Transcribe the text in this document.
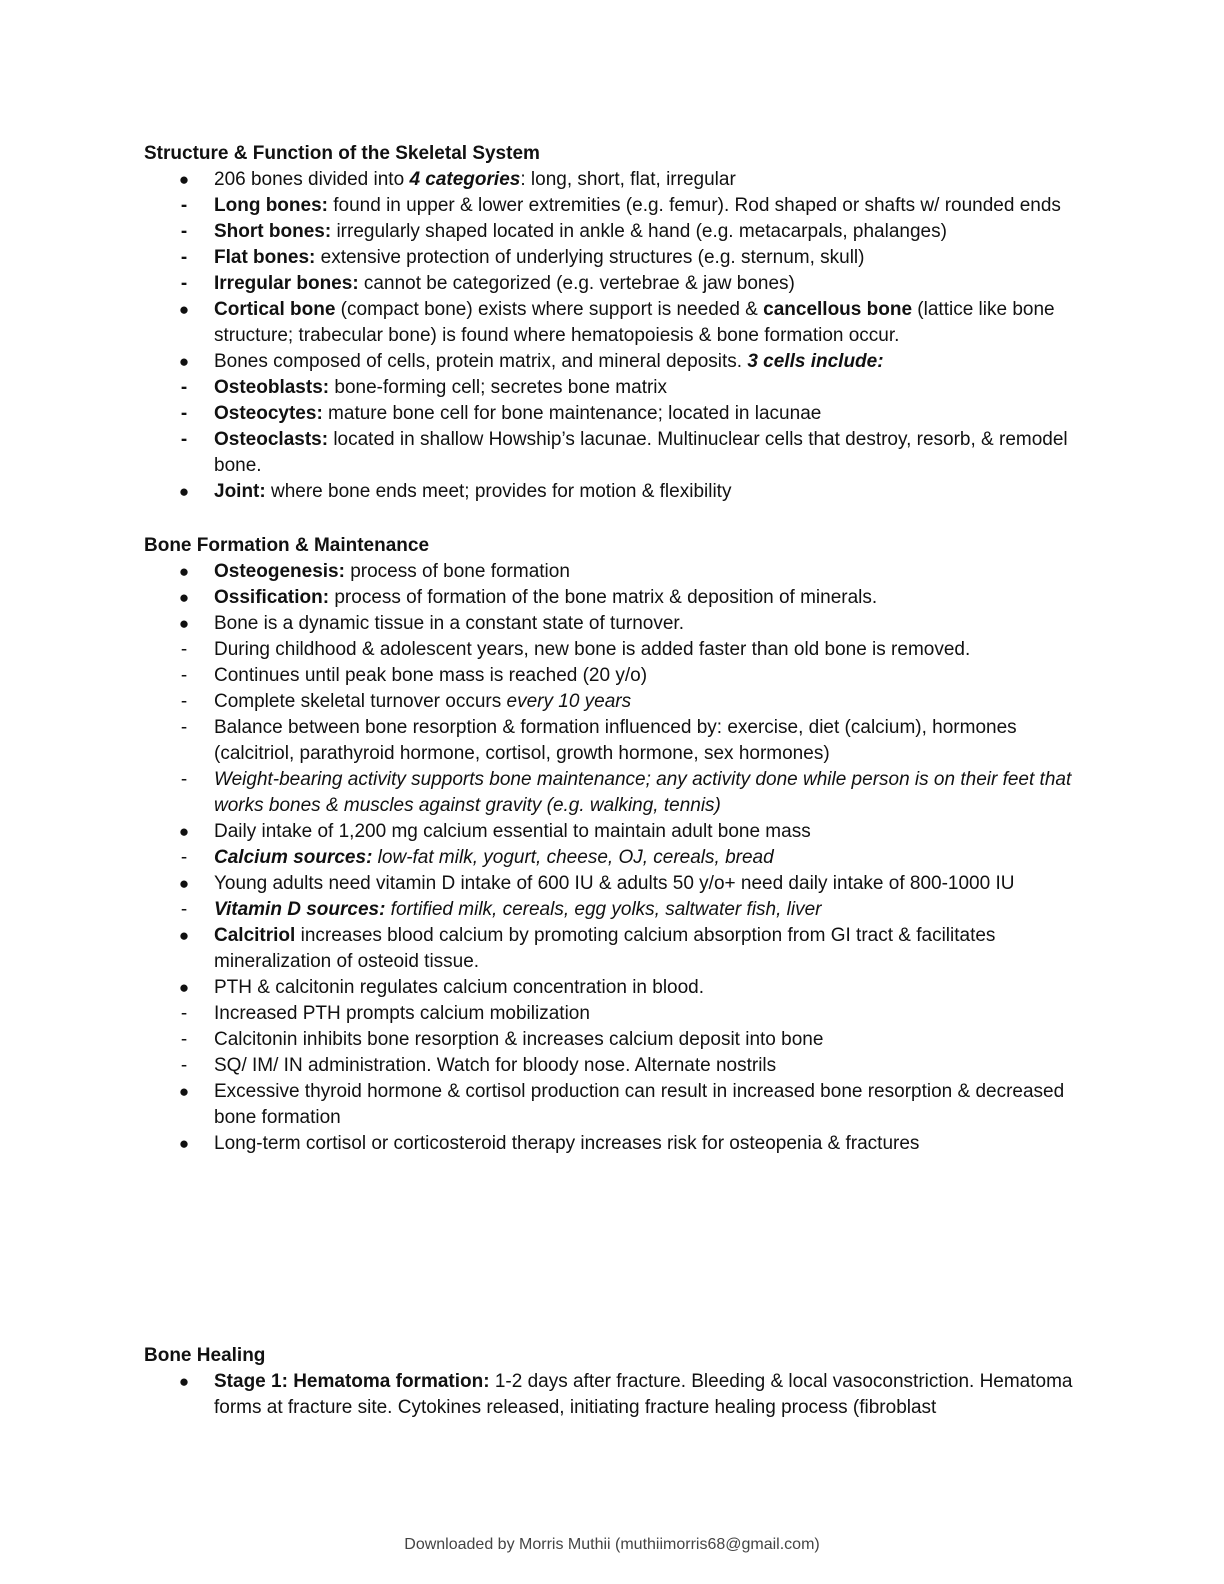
Structure & Function of the Skeletal System
● 206 bones divided into 4 categories: long, short, flat, irregular
-	Long bones: found in upper & lower extremities (e.g. femur). Rod shaped or shafts w/ rounded ends
-	Short bones: irregularly shaped located in ankle & hand (e.g. metacarpals, phalanges)
-	Flat bones: extensive protection of underlying structures (e.g. sternum, skull)
-	Irregular bones: cannot be categorized (e.g. vertebrae & jaw bones)
● Cortical bone (compact bone) exists where support is needed & cancellous bone (lattice like bone structure; trabecular bone) is found where hematopoiesis & bone formation occur.
● Bones composed of cells, protein matrix, and mineral deposits. 3 cells include:
-	Osteoblasts: bone-forming cell; secretes bone matrix
-	Osteocytes: mature bone cell for bone maintenance; located in lacunae
-	Osteoclasts: located in shallow Howship’s lacunae. Multinuclear cells that destroy, resorb, & remodel bone.
● Joint: where bone ends meet; provides for motion & flexibility
Bone Formation & Maintenance
● Osteogenesis: process of bone formation
● Ossification: process of formation of the bone matrix & deposition of minerals.
● Bone is a dynamic tissue in a constant state of turnover.
-	During childhood & adolescent years, new bone is added faster than old bone is removed.
-	Continues until peak bone mass is reached (20 y/o)
-	Complete skeletal turnover occurs every 10 years
-	Balance between bone resorption & formation influenced by: exercise, diet (calcium), hormones (calcitriol, parathyroid hormone, cortisol, growth hormone, sex hormones)
-	Weight-bearing activity supports bone maintenance; any activity done while person is on their feet that works bones & muscles against gravity (e.g. walking, tennis)
● Daily intake of 1,200 mg calcium essential to maintain adult bone mass
-	Calcium sources: low-fat milk, yogurt, cheese, OJ, cereals, bread
● Young adults need vitamin D intake of 600 IU & adults 50 y/o+ need daily intake of 800-1000 IU
-	Vitamin D sources: fortified milk, cereals, egg yolks, saltwater fish, liver
● Calcitriol increases blood calcium by promoting calcium absorption from GI tract & facilitates mineralization of osteoid tissue.
● PTH & calcitonin regulates calcium concentration in blood.
-	Increased PTH prompts calcium mobilization
-	Calcitonin inhibits bone resorption & increases calcium deposit into bone
-	SQ/ IM/ IN administration. Watch for bloody nose. Alternate nostrils
● Excessive thyroid hormone & cortisol production can result in increased bone resorption & decreased bone formation
● Long-term cortisol or corticosteroid therapy increases risk for osteopenia & fractures
Bone Healing
● Stage 1: Hematoma formation: 1-2 days after fracture. Bleeding & local vasoconstriction. Hematoma forms at fracture site. Cytokines released, initiating fracture healing process (fibroblast
Downloaded by Morris Muthii (muthiimorris68@gmail.com)
